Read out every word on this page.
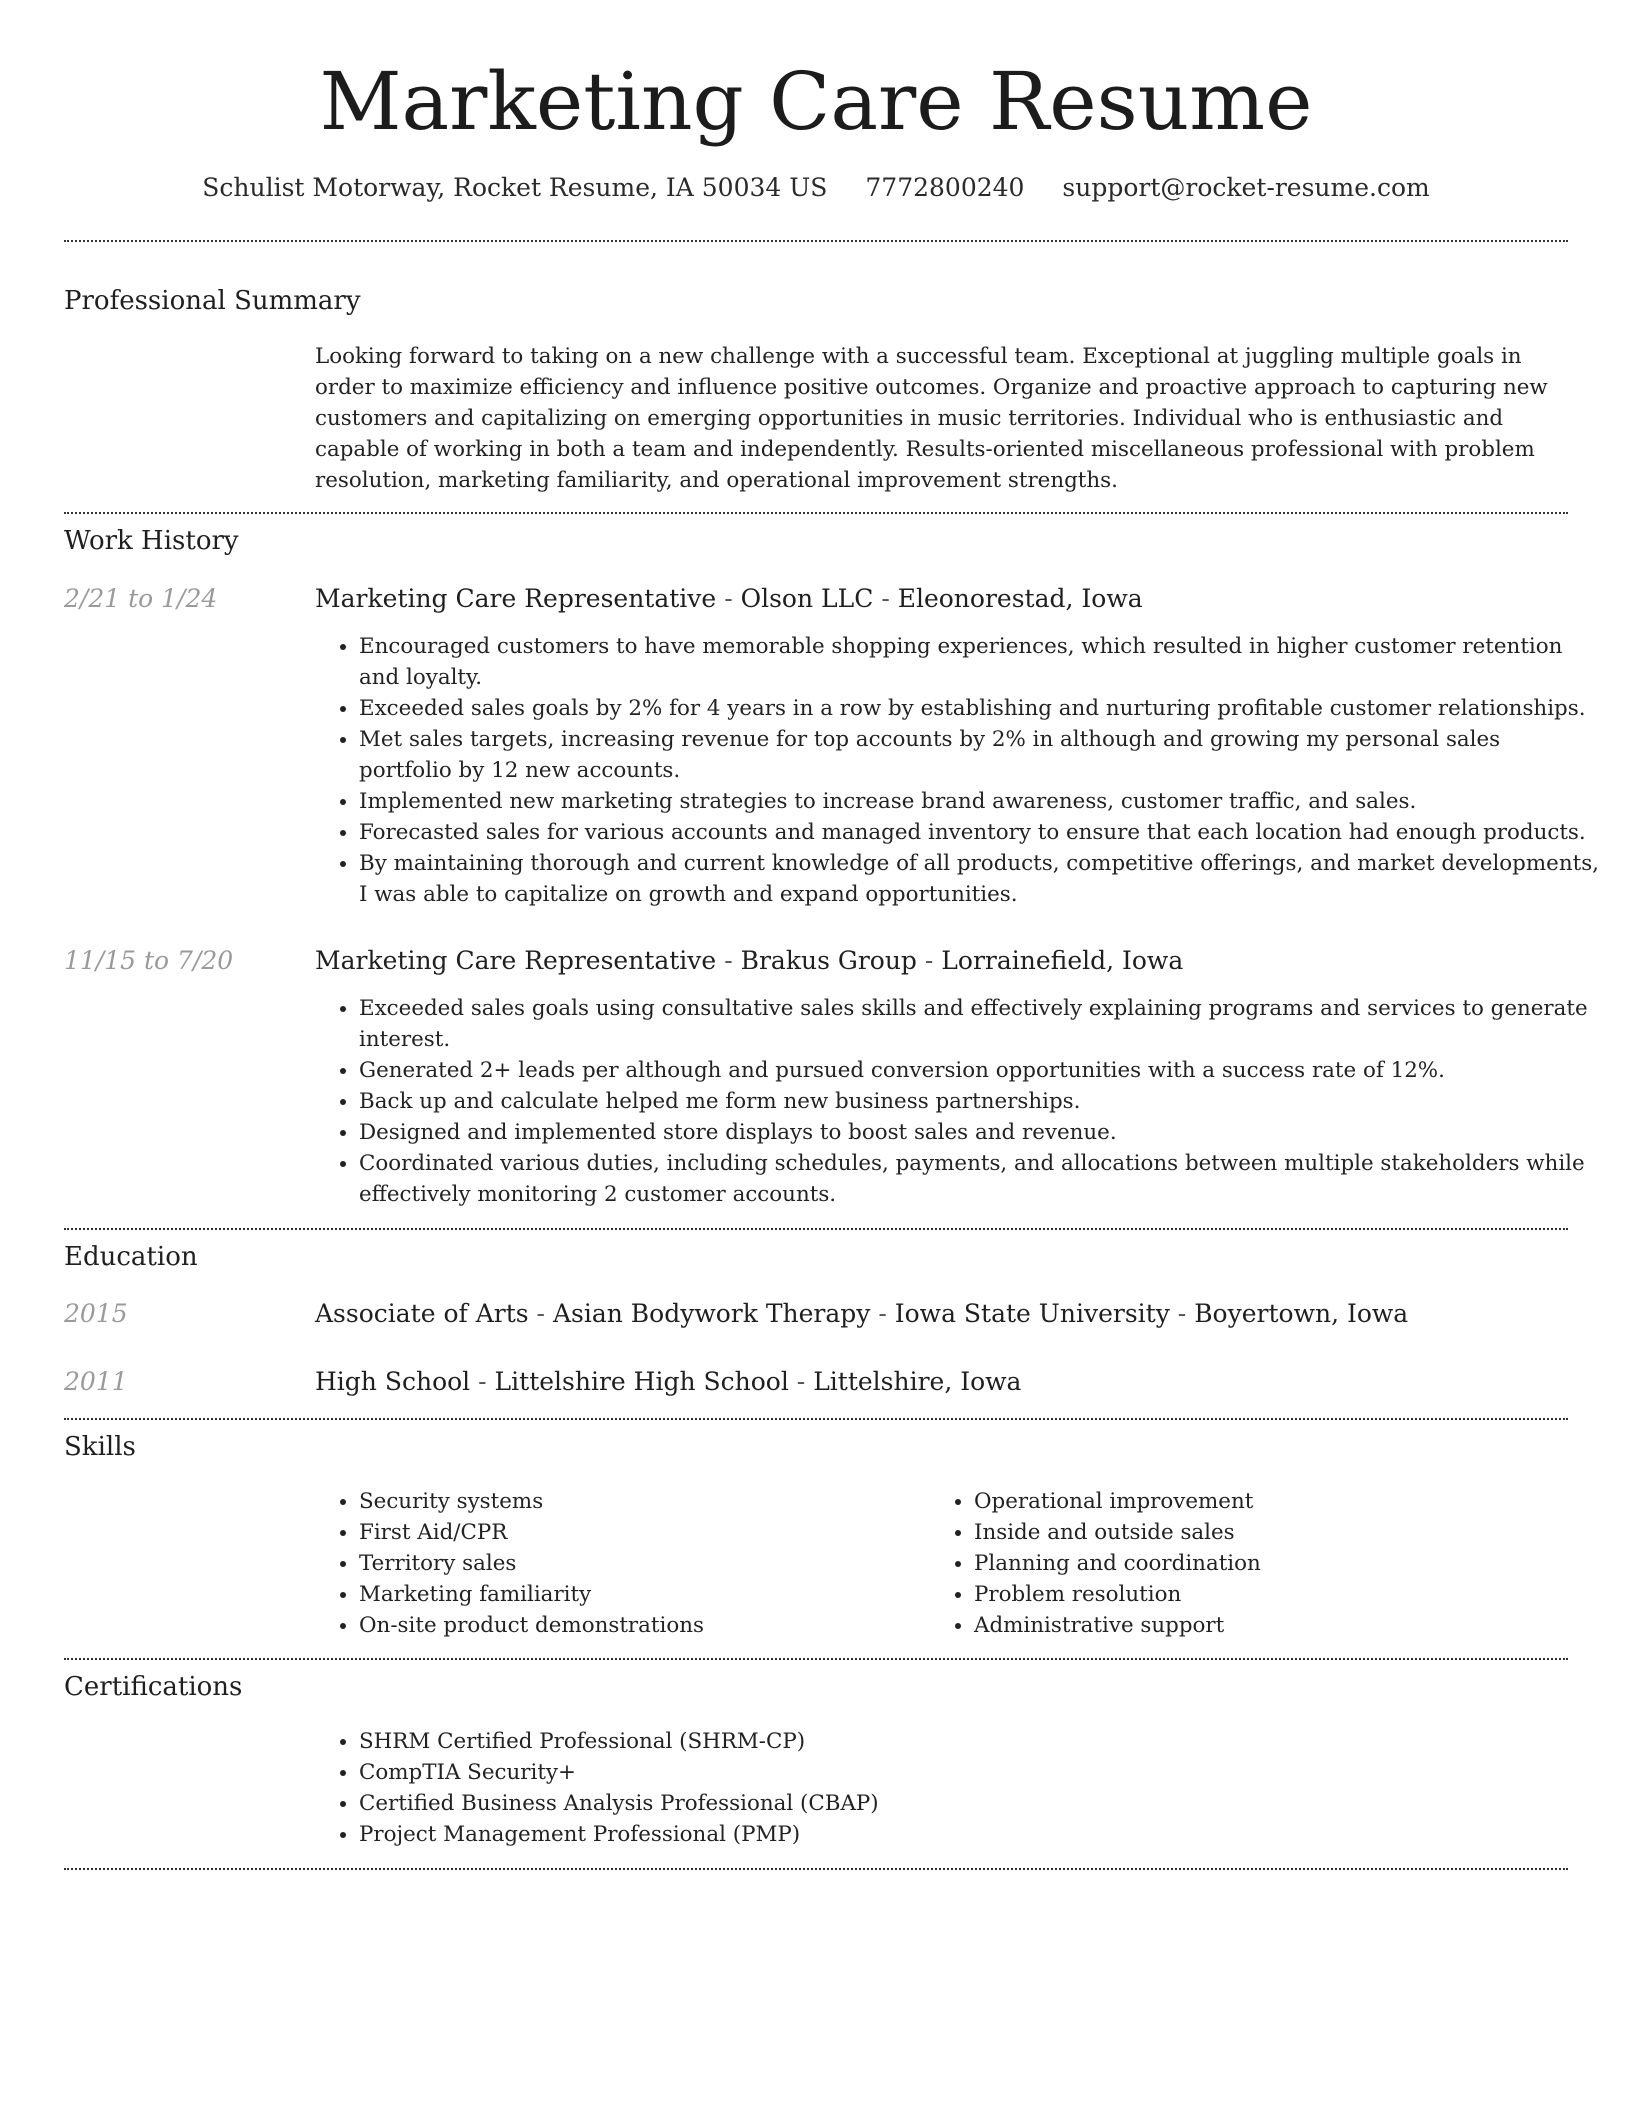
Marketing Care Resume
Schulist Motorway, Rocket Resume, IA 50034 US 7772800240 support@rocket-resume.com
Professional Summary

Looking forward to taking on a new challenge with a successful team. Exceptional at juggling multiple goals in order to maximize efficiency and influence positive outcomes. Organize and proactive approach to capturing new customers and capitalizing on emerging opportunities in music territories. Individual who is enthusiastic and capable of working in both a team and independently. Results-oriented miscellaneous professional with problem resolution, marketing familiarity, and operational improvement strengths.

Work History
2/21 to 1/24	Marketing Care Representative - Olson LLC - Eleonorestad, Iowa
• Encouraged customers to have memorable shopping experiences, which resulted in higher customer retention and loyalty.
• Exceeded sales goals by 2% for 4 years in a row by establishing and nurturing profitable customer relationships.
• Met sales targets, increasing revenue for top accounts by 2% in although and growing my personal sales portfolio by 12 new accounts.
• Implemented new marketing strategies to increase brand awareness, customer traffic, and sales.
• Forecasted sales for various accounts and managed inventory to ensure that each location had enough products.
• By maintaining thorough and current knowledge of all products, competitive offerings, and market developments, I was able to capitalize on growth and expand opportunities.
11/15 to 7/20	Marketing Care Representative - Brakus Group - Lorrainefield, Iowa
• Exceeded sales goals using consultative sales skills and effectively explaining programs and services to generate interest.
• Generated 2+ leads per although and pursued conversion opportunities with a success rate of 12%.
• Back up and calculate helped me form new business partnerships.
• Designed and implemented store displays to boost sales and revenue.
• Coordinated various duties, including schedules, payments, and allocations between multiple stakeholders while effectively monitoring 2 customer accounts.
Education
2015	Associate of Arts - Asian Bodywork Therapy - Iowa State University - Boyertown, Iowa
2011	High School - Littelshire High School - Littelshire, Iowa
Skills
• Security systems
• First Aid/CPR
• Territory sales
• Marketing familiarity
• On-site product demonstrations
• Operational improvement
• Inside and outside sales
• Planning and coordination
• Problem resolution
• Administrative support
Certifications
• SHRM Certified Professional (SHRM-CP)
• CompTIA Security+
• Certified Business Analysis Professional (CBAP)
• Project Management Professional (PMP)
